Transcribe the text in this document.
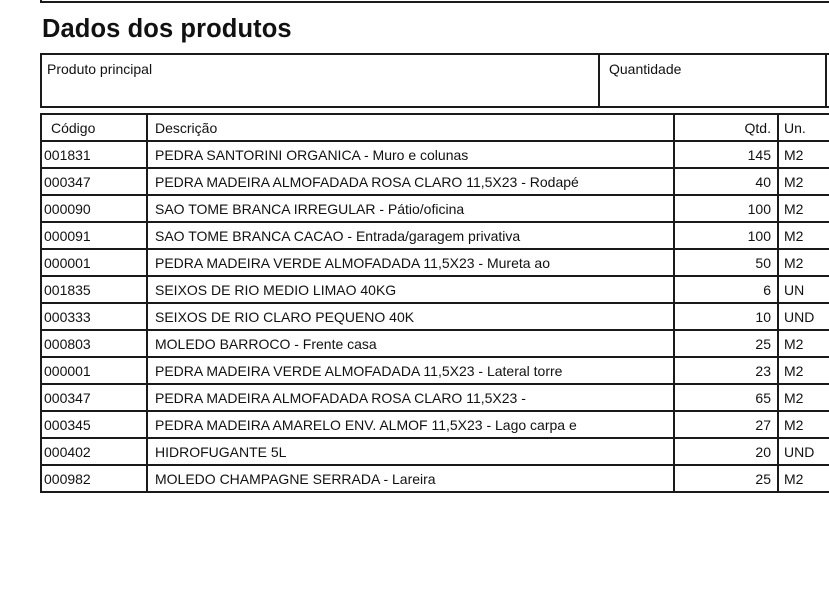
Dados dos produtos
Produto principal	Quantidade
Código	Descrição	Qtd.	Un.
001831	PEDRA SANTORINI ORGANICA - Muro e colunas	145	M2
000347	PEDRA MADEIRA ALMOFADADA ROSA CLARO 11,5X23 - Rodapé	40	M2
000090	SAO TOME BRANCA IRREGULAR - Pátio/oficina	100	M2
000091	SAO TOME BRANCA CACAO - Entrada/garagem privativa	100	M2
000001	PEDRA MADEIRA VERDE ALMOFADADA 11,5X23 - Mureta ao	50	M2
001835	SEIXOS DE RIO MEDIO LIMAO 40KG	6	UN
000333	SEIXOS DE RIO CLARO PEQUENO 40K	10	UND
000803	MOLEDO BARROCO - Frente casa	25	M2
000001	PEDRA MADEIRA VERDE ALMOFADADA 11,5X23 - Lateral torre	23	M2
000347	PEDRA MADEIRA ALMOFADADA ROSA CLARO 11,5X23 -	65	M2
000345	PEDRA MADEIRA AMARELO ENV. ALMOF 11,5X23 - Lago carpa e	27	M2
000402	HIDROFUGANTE 5L	20	UND
000982	MOLEDO CHAMPAGNE SERRADA - Lareira	25	M2
